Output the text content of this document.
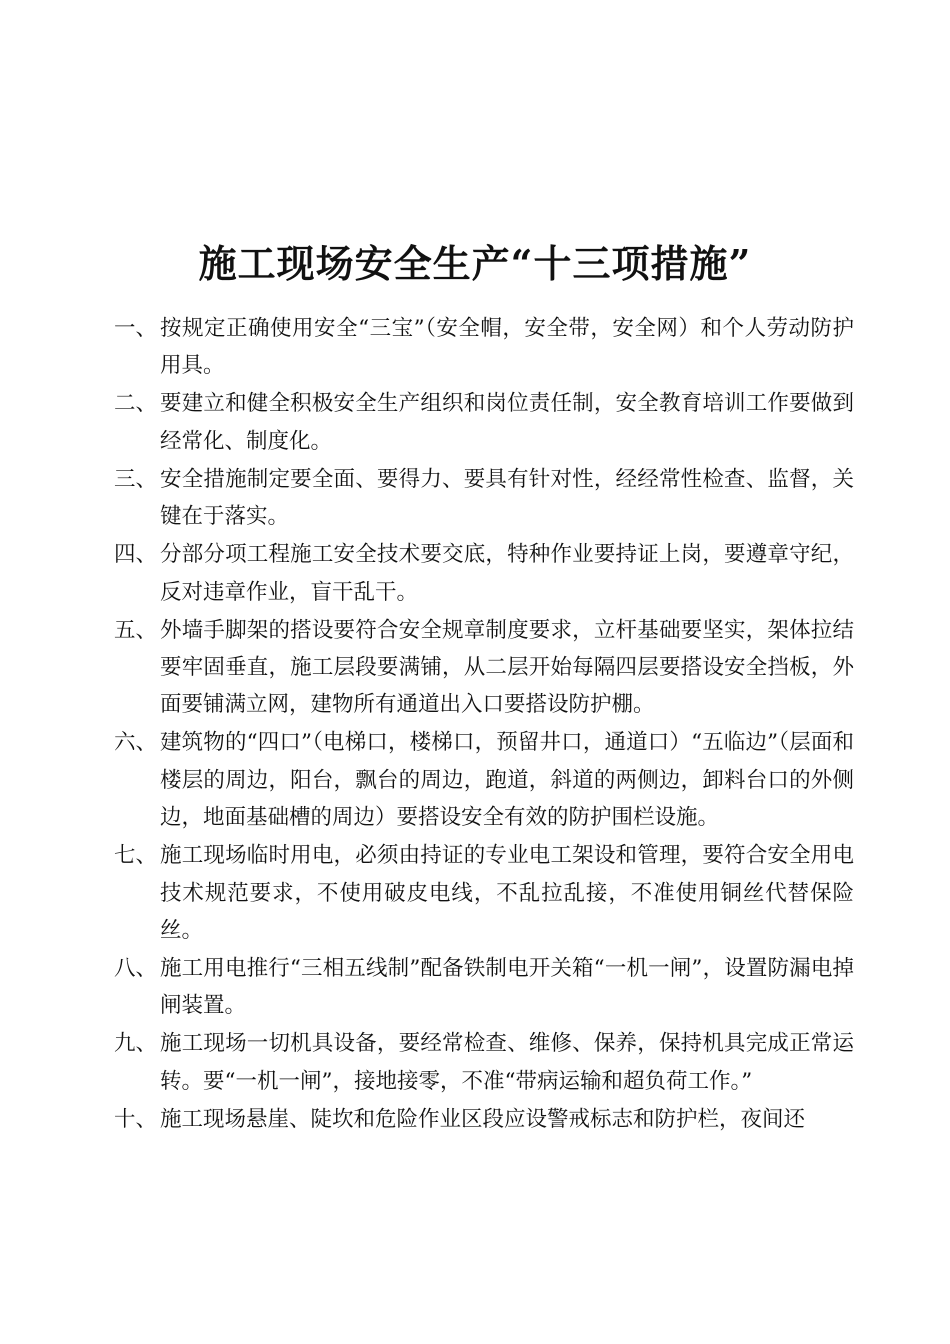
施工现场安全生产“十三项措施”
一、 按规定正确使用安全“三宝”（安全帽，安全带，安全网）和个人劳动防护用具。
二、 要建立和健全积极安全生产组织和岗位责任制，安全教育培训工作要做到经常化、制度化。
三、 安全措施制定要全面、要得力、要具有针对性，经经常性检查、监督，关键在于落实。
四、 分部分项工程施工安全技术要交底，特种作业要持证上岗，要遵章守纪，反对违章作业，盲干乱干。
五、 外墙手脚架的搭设要符合安全规章制度要求，立杆基础要坚实，架体拉结要牢固垂直，施工层段要满铺，从二层开始每隔四层要搭设安全挡板，外面要铺满立网，建物所有通道出入口要搭设防护棚。
六、 建筑物的“四口”（电梯口，楼梯口，预留井口，通道口）“五临边”（层面和楼层的周边，阳台，飘台的周边，跑道，斜道的两侧边，卸料台口的外侧边，地面基础槽的周边）要搭设安全有效的防护围栏设施。
七、 施工现场临时用电，必须由持证的专业电工架设和管理，要符合安全用电技术规范要求，不使用破皮电线，不乱拉乱接，不准使用铜丝代替保险丝。
八、 施工用电推行“三相五线制”配备铁制电开关箱“一机一闸”，设置防漏电掉闸装置。
九、 施工现场一切机具设备，要经常检查、维修、保养，保持机具完成正常运转。要“一机一闸”，接地接零，不准“带病运输和超负荷工作。”
十、 施工现场悬崖、陡坎和危险作业区段应设警戒标志和防护栏，夜间还
